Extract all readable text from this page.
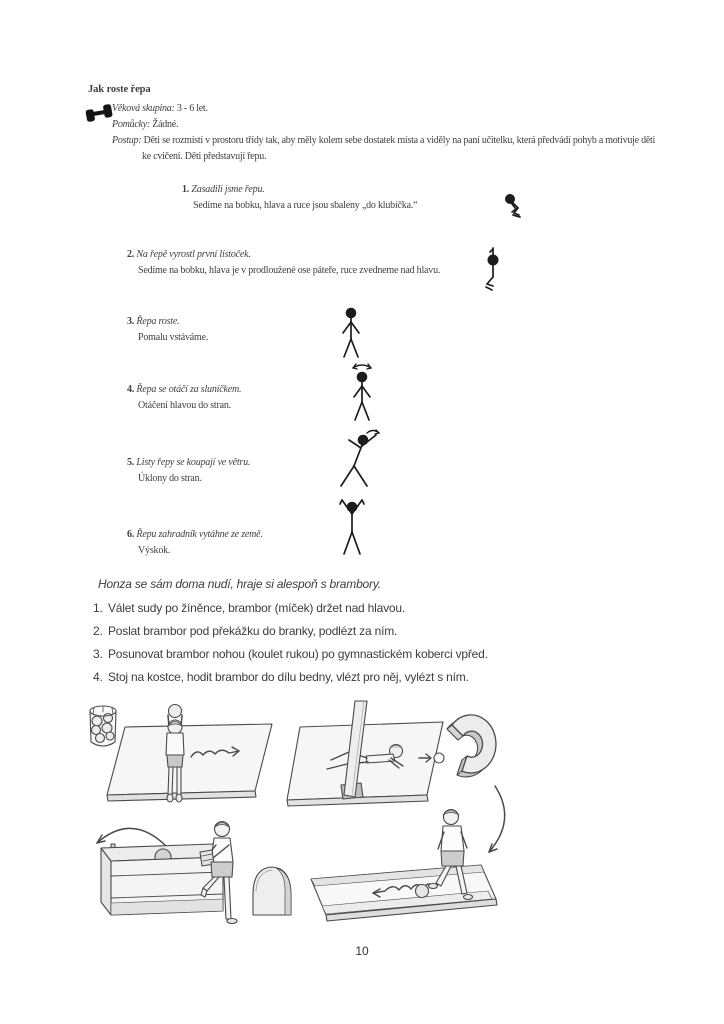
Jak roste řepa
Věková skupina: 3 - 6 let.
Pomůcky: Žádné.
Postup: Děti se rozmístí v prostoru třídy tak, aby měly kolem sebe dostatek místa a viděly na paní učitelku, která předvádí pohyb a motivuje děti ke cvičení. Děti představují řepu.
1. Zasadili jsme řepu.
Sedíme na bobku, hlava a ruce jsou sbaleny „do klubíčka.“
2. Na řepě vyrostl první lístoček.
Sedíme na bobku, hlava je v prodloužené ose páteře, ruce zvedneme nad hlavu.
3. Řepa roste.
Pomalu vstáváme.
4. Řepa se otáčí za sluníčkem.
Otáčení hlavou do stran.
5. Listy řepy se koupají ve větru.
Úklony do stran.
6. Řepu zahradník vytáhne ze země.
Výskok.
Honza se sám doma nudí, hraje si alespoň s brambory.
1. Válet sudy po žíněnce, brambor (míček) držet nad hlavou.
2. Poslat brambor pod překážku do branky, podlézt za ním.
3. Posunovat brambor nohou (koulet rukou) po gymnastickém koberci vpřed.
4. Stoj na kostce, hodit brambor do dílu bedny, vlézt pro něj, vylézt s ním.
10
